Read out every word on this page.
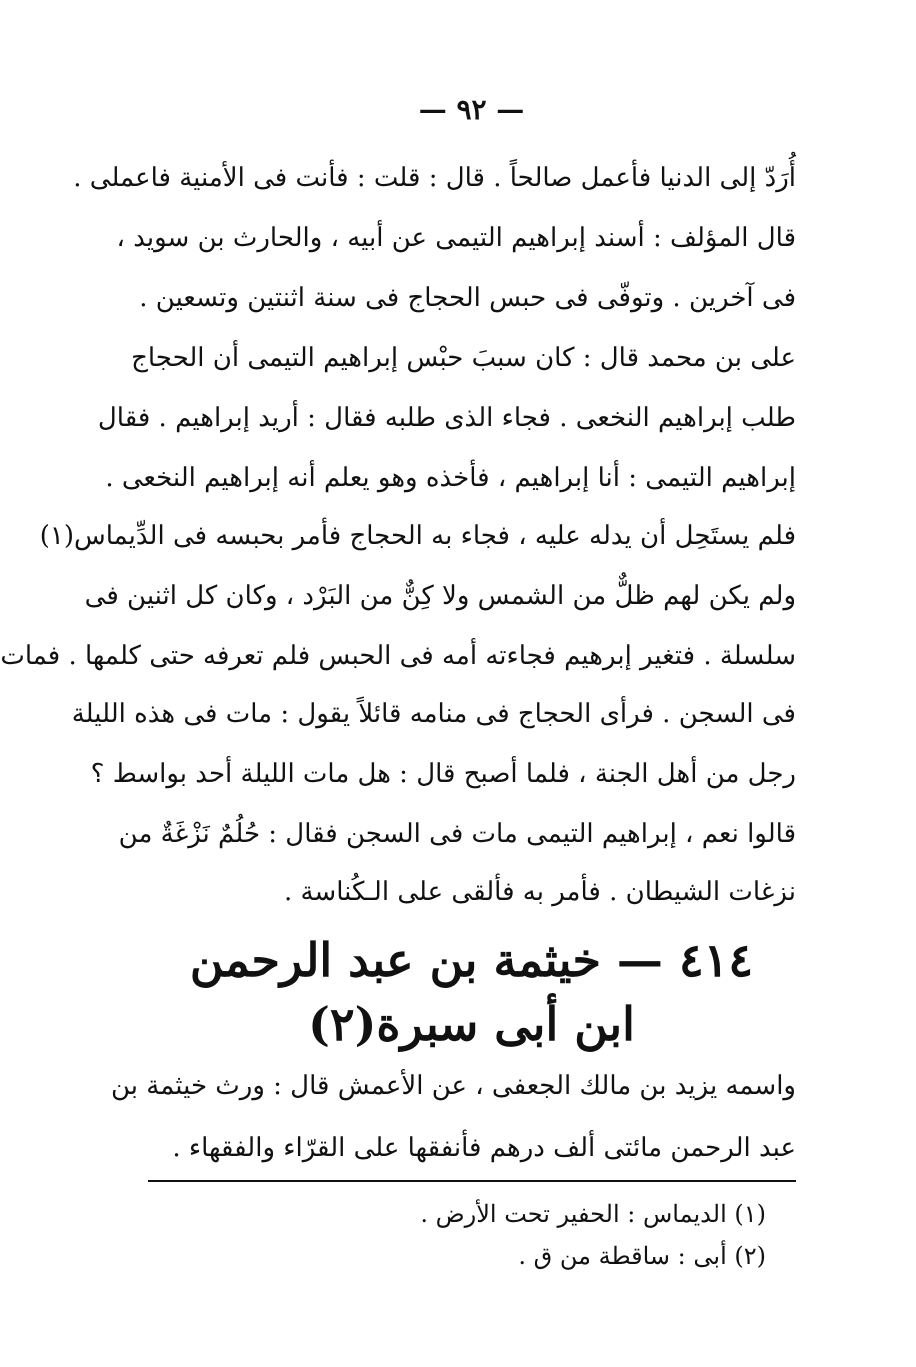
— ٩٢ —
أُرَدّ إلى الدنيا فأعمل صالحاً . قال : قلت : فأنت فى الأمنية فاعملى .
قال المؤلف : أسند إبراهيم التيمى عن أبيه ، والحارث بن سويد ،
فى آخرين . وتوفّى فى حبس الحجاج فى سنة اثنتين وتسعين .
على بن محمد قال : كان سببَ حبْس إبراهيم التيمى أن الحجاج
طلب إبراهيم النخعى . فجاء الذى طلبه فقال : أريد إبراهيم . فقال
إبراهيم التيمى : أنا إبراهيم ، فأخذه وهو يعلم أنه إبراهيم النخعى .
فلم يستَحِل أن يدله عليه ، فجاء به الحجاج فأمر بحبسه فى الدِّيماس(١)
ولم يكن لهم ظلٌّ من الشمس ولا كِنٌّ من البَرْد ، وكان كل اثنين فى
سلسلة . فتغير إبرهيم فجاءته أمه فى الحبس فلم تعرفه حتى كلمها . فمات
فى السجن . فرأى الحجاج فى منامه قائلاً يقول : مات فى هذه الليلة
رجل من أهل الجنة ، فلما أصبح قال : هل مات الليلة أحد بواسط ؟
قالوا نعم ، إبراهيم التيمى مات فى السجن فقال : حُلُمٌ نَزْغَةٌ من
نزغات الشيطان . فأمر به فألقى على الـكُناسة .
٤١٤ — خيثمة بن عبد الرحمن
ابن أبى سبرة(٢)
واسمه يزيد بن مالك الجعفى ، عن الأعمش قال : ورث خيثمة بن
عبد الرحمن مائتى ألف درهم فأنفقها على القرّاء والفقهاء .
(١) الديماس : الحفير تحت الأرض .
(٢) أبى : ساقطة من ق .
